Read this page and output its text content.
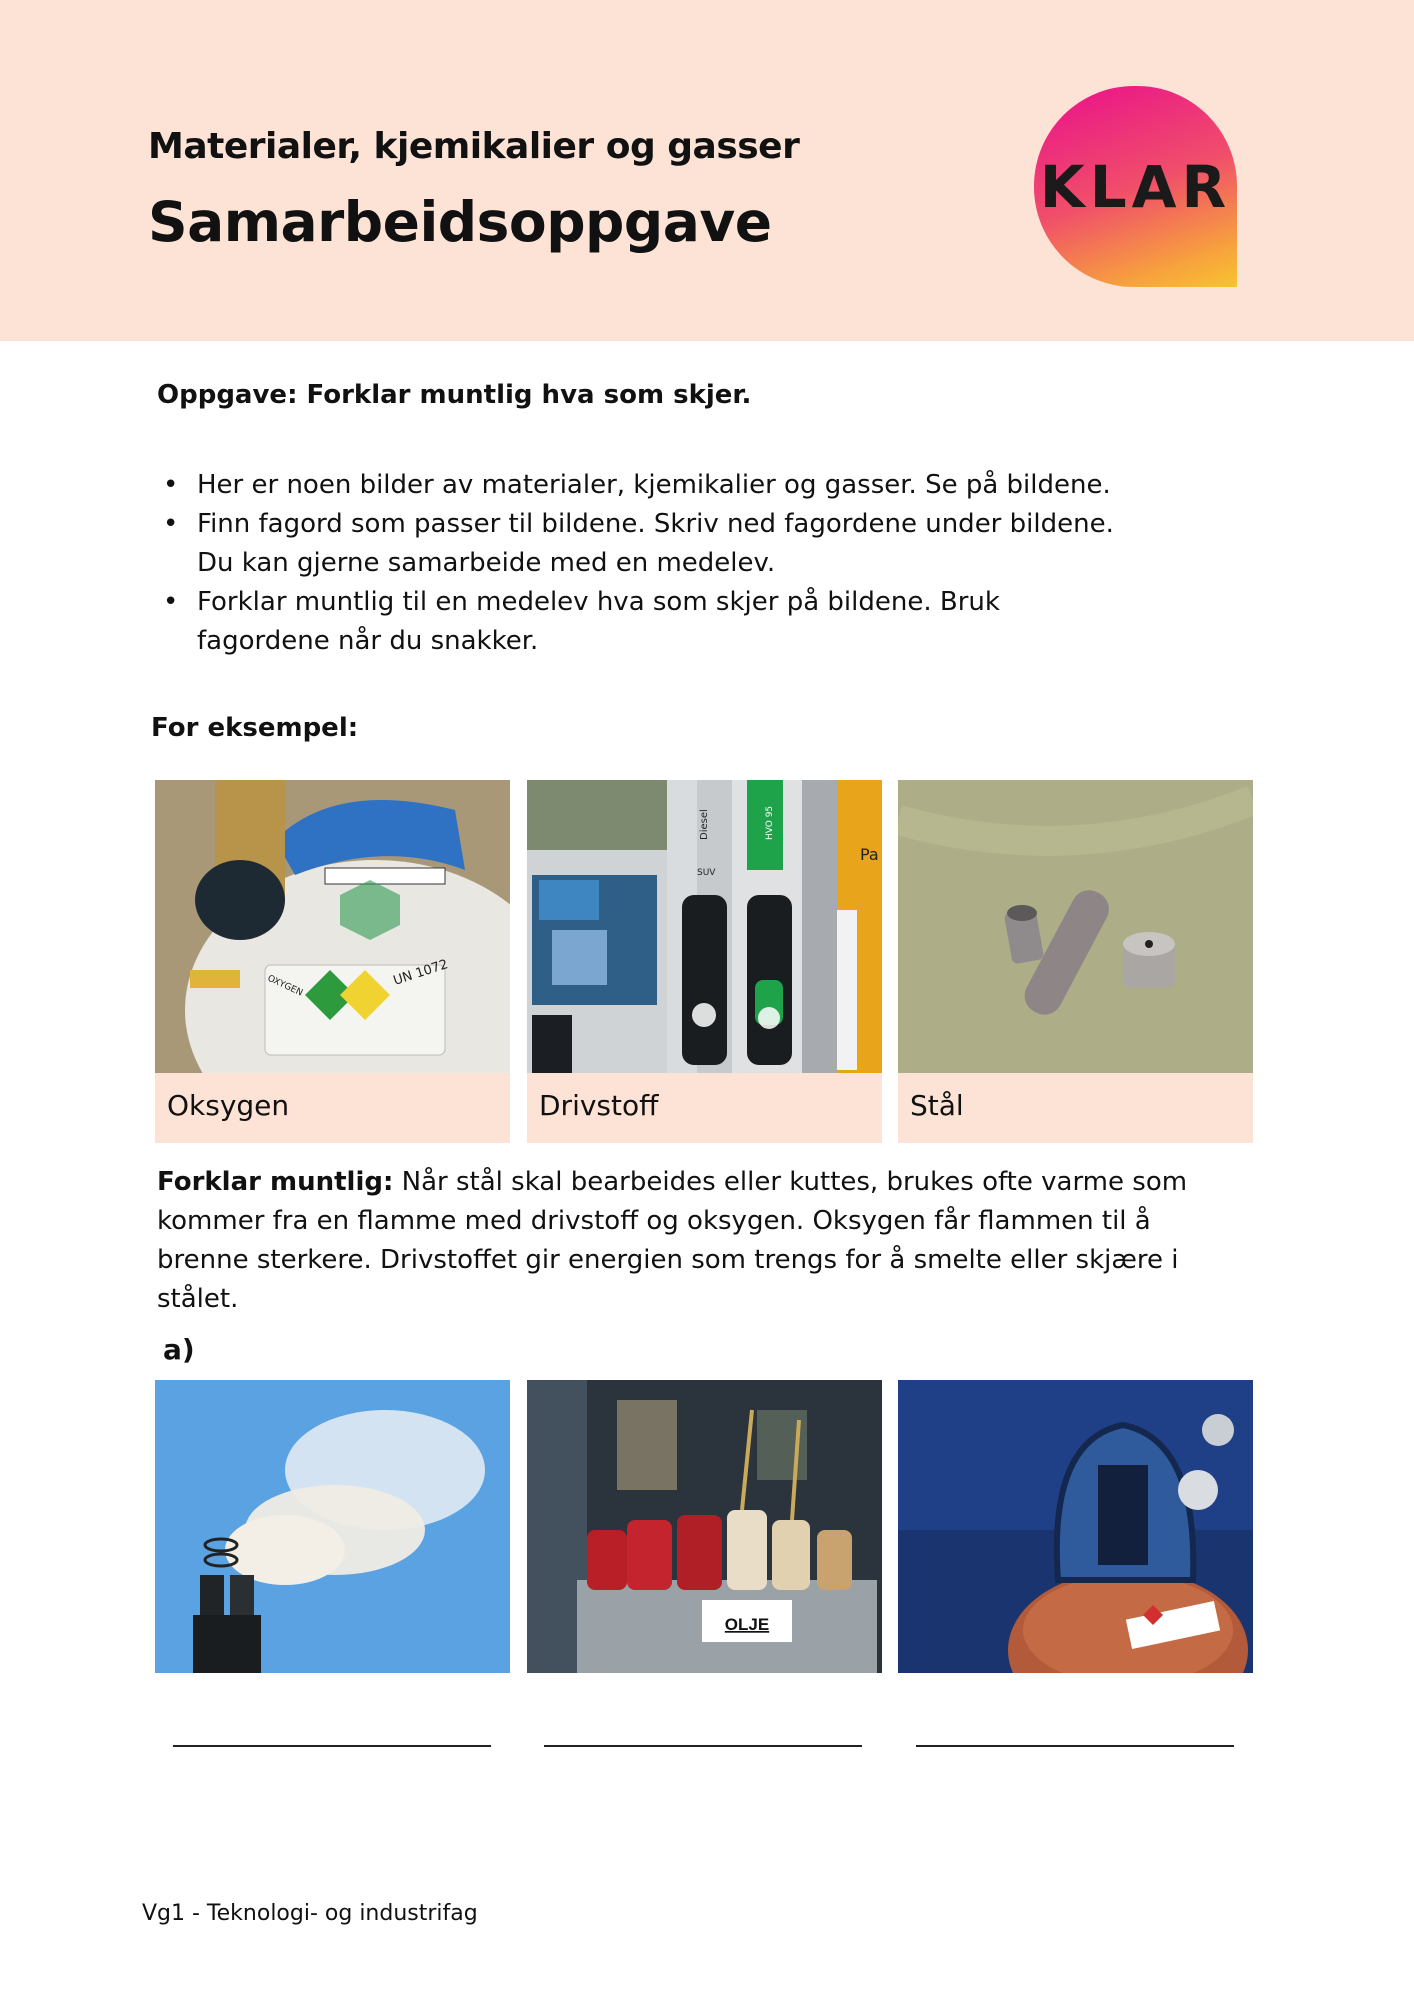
Materialer, kjemikalier og gasser
Samarbeidsoppgave
KLAR
Oppgave: Forklar muntlig hva som skjer.
• Her er noen bilder av materialer, kjemikalier og gasser. Se på bildene.
• Finn fagord som passer til bildene. Skriv ned fagordene under bildene. Du kan gjerne samarbeide med en medelev.
• Forklar muntlig til en medelev hva som skjer på bildene. Bruk fagordene når du snakker.
For eksempel:
UN 1072
OXYGEN
Oksygen
Diesel
SUV
HVO 95
Pa
Drivstoff	Stål
Forklar muntlig: Når stål skal bearbeides eller kuttes, brukes ofte varme som kommer fra en flamme med drivstoff og oksygen. Oksygen får flammen til å brenne sterkere. Drivstoffet gir energien som trengs for å smelte eller skjære i stålet.
a)
OLJE
Vg1 - Teknologi- og industrifag
